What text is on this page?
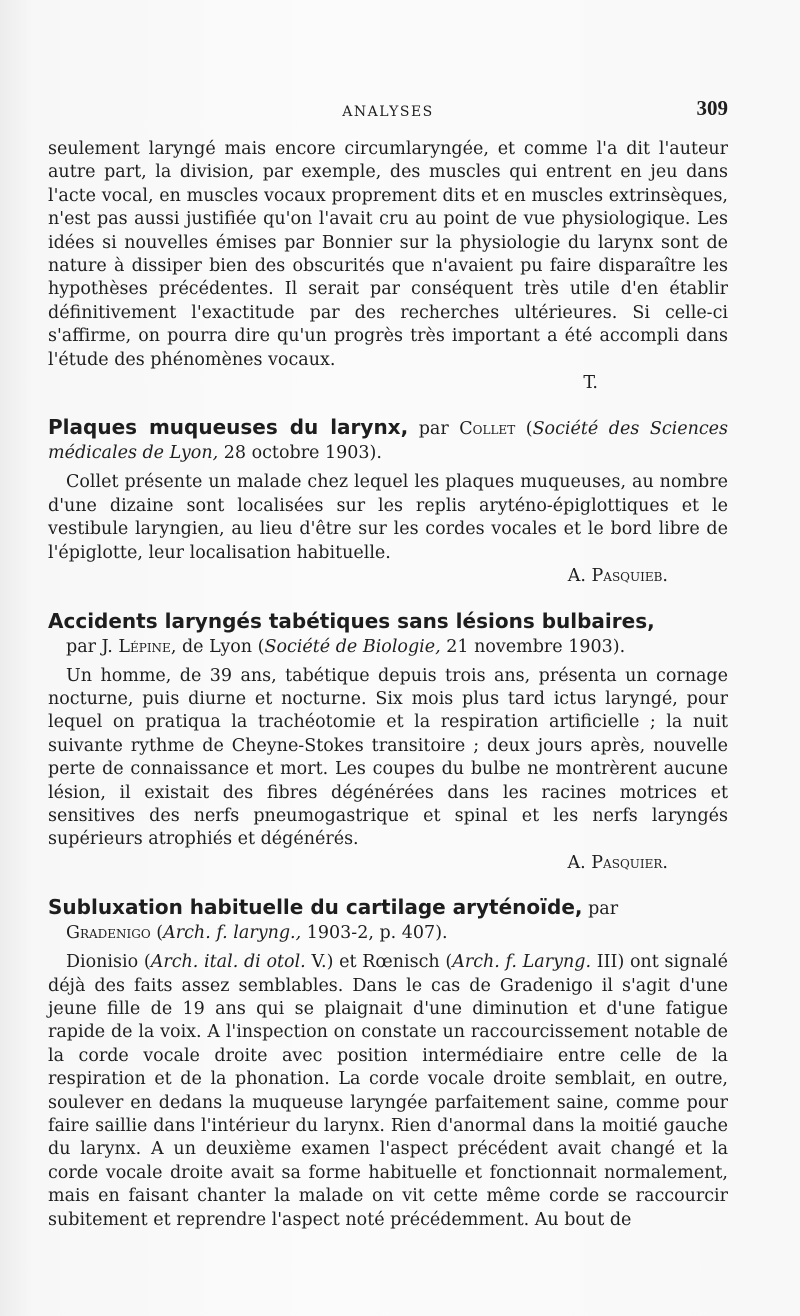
ANALYSES	309

seulement laryngé mais encore circumlaryngée, et comme l'a dit l'auteur autre part, la division, par exemple, des muscles qui entrent en jeu dans l'acte vocal, en muscles vocaux proprement dits et en muscles extrinsèques, n'est pas aussi justifiée qu'on l'avait cru au point de vue physiologique. Les idées si nouvelles émises par Bonnier sur la physiologie du larynx sont de nature à dissiper bien des obscurités que n'avaient pu faire disparaître les hypothèses précédentes. Il serait par conséquent très utile d'en établir définitivement l'exactitude par des recherches ultérieures. Si celle-ci s'affirme, on pourra dire qu'un progrès très important a été accompli dans l'étude des phénomènes vocaux.

T.

Plaques muqueuses du larynx, par Collet (Société des Sciences médicales de Lyon, 28 octobre 1903).

Collet présente un malade chez lequel les plaques muqueuses, au nombre d'une dizaine sont localisées sur les replis aryténo-épiglottiques et le vestibule laryngien, au lieu d'être sur les cordes vocales et le bord libre de l'épiglotte, leur localisation habituelle.

A. Pasquieb.

Accidents laryngés tabétiques sans lésions bulbaires,
par J. Lépine, de Lyon (Société de Biologie, 21 novembre 1903).

Un homme, de 39 ans, tabétique depuis trois ans, présenta un cornage nocturne, puis diurne et nocturne. Six mois plus tard ictus laryngé, pour lequel on pratiqua la trachéotomie et la respiration artificielle ; la nuit suivante rythme de Cheyne-Stokes transitoire ; deux jours après, nouvelle perte de connaissance et mort. Les coupes du bulbe ne montrèrent aucune lésion, il existait des fibres dégénérées dans les racines motrices et sensitives des nerfs pneumogastrique et spinal et les nerfs laryngés supérieurs atrophiés et dégénérés.

A. Pasquier.

Subluxation habituelle du cartilage aryténoïde, par
Gradenigo (Arch. f. laryng., 1903-2, p. 407).

Dionisio (Arch. ital. di otol. V.) et Rœnisch (Arch. f. Laryng. III) ont signalé déjà des faits assez semblables. Dans le cas de Gradenigo il s'agit d'une jeune fille de 19 ans qui se plaignait d'une diminution et d'une fatigue rapide de la voix. A l'inspection on constate un raccourcissement notable de la corde vocale droite avec position intermédiaire entre celle de la respiration et de la phonation. La corde vocale droite semblait, en outre, soulever en dedans la muqueuse laryngée parfaitement saine, comme pour faire saillie dans l'intérieur du larynx. Rien d'anormal dans la moitié gauche du larynx. A un deuxième examen l'aspect précédent avait changé et la corde vocale droite avait sa forme habituelle et fonctionnait normalement, mais en faisant chanter la malade on vit cette même corde se raccourcir subitement et reprendre l'aspect noté précédemment. Au bout de
